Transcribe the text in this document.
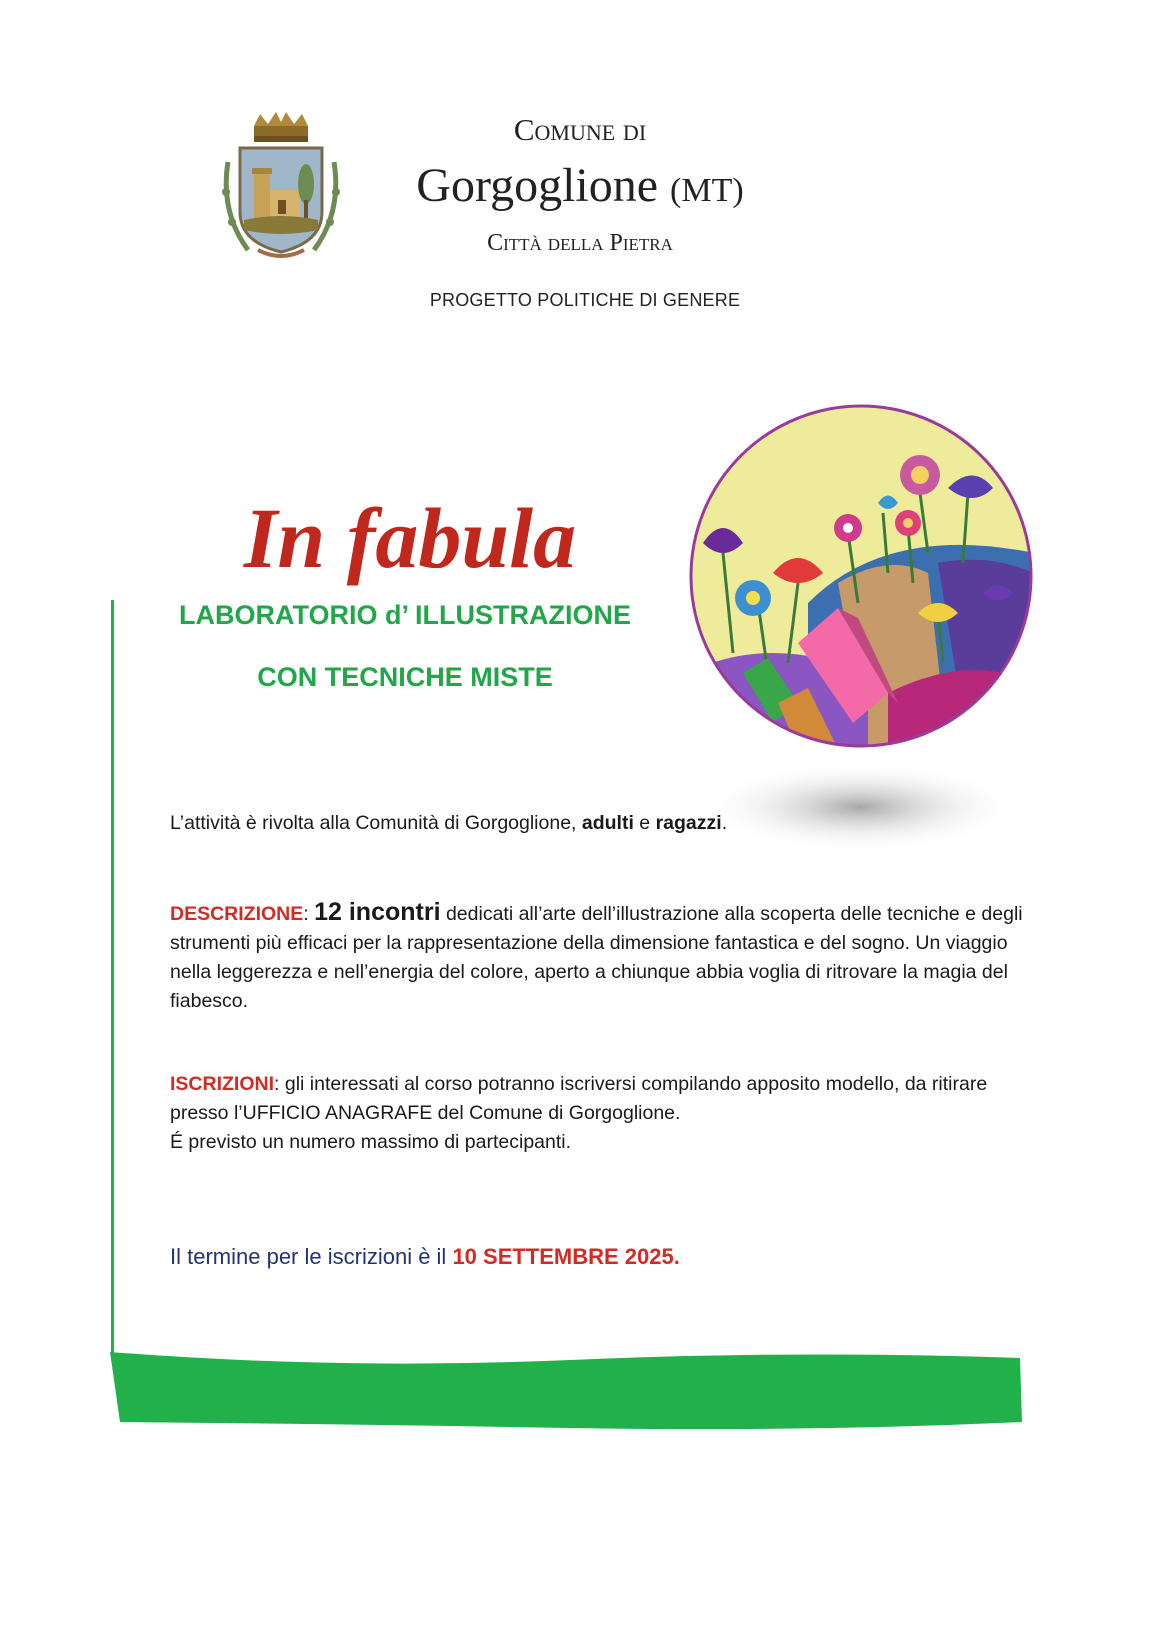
Comune di
Gorgoglione (MT)
Città della Pietra
PROGETTO POLITICHE DI GENERE
In fabula
LABORATORIO d’ ILLUSTRAZIONE
CON TECNICHE MISTE
L’attività è rivolta alla Comunità di Gorgoglione, adulti e ragazzi.
DESCRIZIONE: 12 incontri dedicati all’arte dell’illustrazione alla scoperta delle tecniche e degli strumenti più efficaci per la rappresentazione della dimensione fantastica e del sogno. Un viaggio nella leggerezza e nell’energia del colore, aperto a chiunque abbia voglia di ritrovare la magia del fiabesco.
ISCRIZIONI: gli interessati al corso potranno iscriversi compilando apposito modello, da ritirare presso l’UFFICIO ANAGRAFE del Comune di Gorgoglione.
É previsto un numero massimo di partecipanti.
Il termine per le iscrizioni è il 10 SETTEMBRE 2025.
